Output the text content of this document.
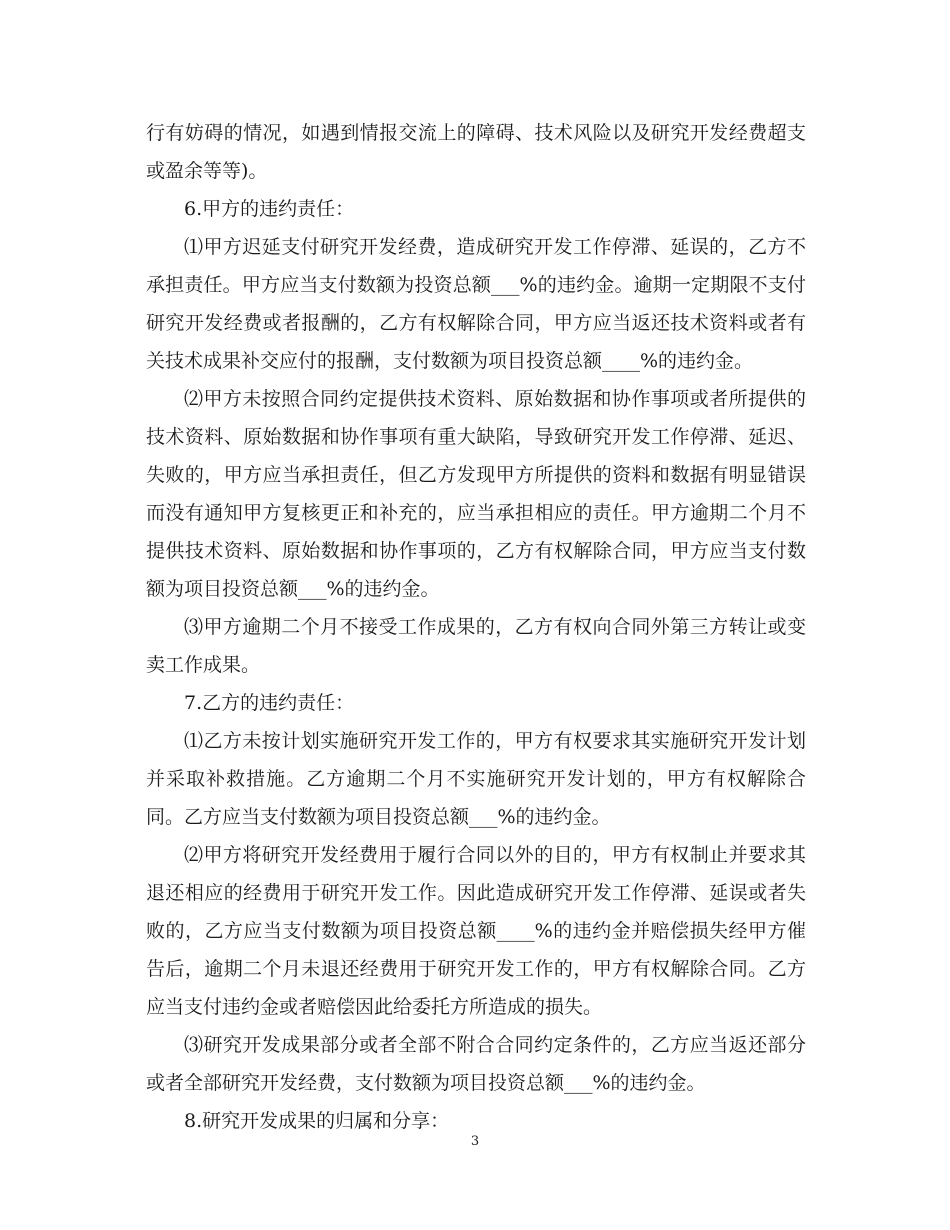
行有妨碍的情况，如遇到情报交流上的障碍、技术风险以及研究开发经费超支或盈余等等)。

6.甲方的违约责任：

⑴甲方迟延支付研究开发经费，造成研究开发工作停滞、延误的，乙方不承担责任。甲方应当支付数额为投资总额___%的违约金。逾期一定期限不支付研究开发经费或者报酬的，乙方有权解除合同，甲方应当返还技术资料或者有关技术成果补交应付的报酬，支付数额为项目投资总额____%的违约金。

⑵甲方未按照合同约定提供技术资料、原始数据和协作事项或者所提供的技术资料、原始数据和协作事项有重大缺陷，导致研究开发工作停滞、延迟、失败的，甲方应当承担责任，但乙方发现甲方所提供的资料和数据有明显错误而没有通知甲方复核更正和补充的，应当承担相应的责任。甲方逾期二个月不提供技术资料、原始数据和协作事项的，乙方有权解除合同，甲方应当支付数额为项目投资总额___%的违约金。

⑶甲方逾期二个月不接受工作成果的，乙方有权向合同外第三方转让或变卖工作成果。

7.乙方的违约责任：

⑴乙方未按计划实施研究开发工作的，甲方有权要求其实施研究开发计划并采取补救措施。乙方逾期二个月不实施研究开发计划的，甲方有权解除合同。乙方应当支付数额为项目投资总额___%的违约金。

⑵甲方将研究开发经费用于履行合同以外的目的，甲方有权制止并要求其退还相应的经费用于研究开发工作。因此造成研究开发工作停滞、延误或者失败的，乙方应当支付数额为项目投资总额____%的违约金并赔偿损失经甲方催告后，逾期二个月未退还经费用于研究开发工作的，甲方有权解除合同。乙方应当支付违约金或者赔偿因此给委托方所造成的损失。

⑶研究开发成果部分或者全部不附合合同约定条件的，乙方应当返还部分或者全部研究开发经费，支付数额为项目投资总额___%的违约金。

8.研究开发成果的归属和分享：

3
